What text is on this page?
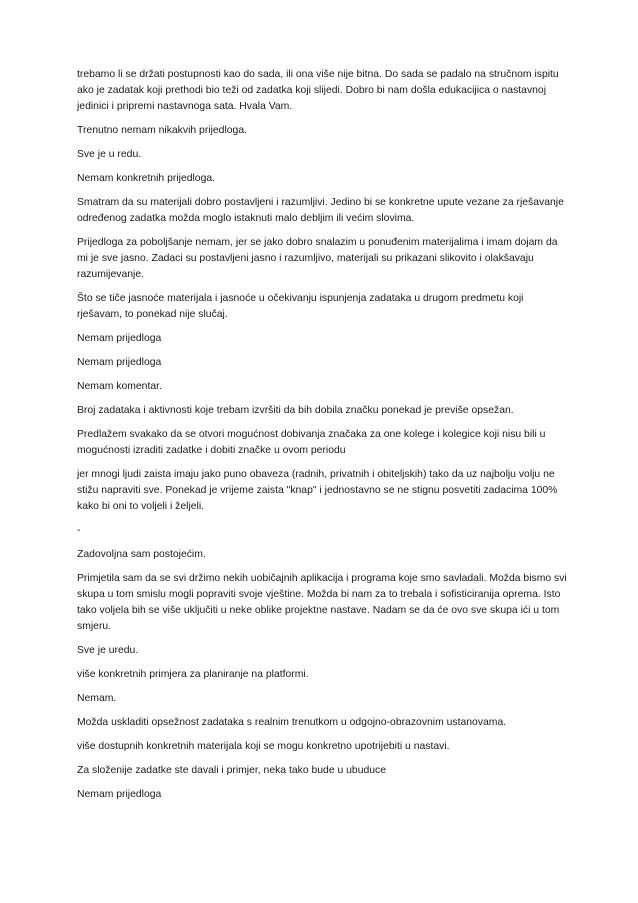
trebamo li se držati postupnosti kao do sada, ili ona više nije bitna. Do sada se padalo na stručnom ispitu ako je zadatak koji prethodi bio teži od zadatka koji slijedi. Dobro bi nam došla edukacijica o nastavnoj jedinici i pripremi nastavnoga sata. Hvala Vam.

Trenutno nemam nikakvih prijedloga.

Sve je u redu.

Nemam konkretnih prijedloga.

Smatram da su materijali dobro postavljeni i razumljivi. Jedino bi se konkretne upute vezane za rješavanje određenog zadatka možda moglo istaknuti malo debljim ili većim slovima.

Prijedloga za poboljšanje nemam, jer se jako dobro snalazim u ponuđenim materijalima i imam dojam da mi je sve jasno. Zadaci su postavljeni jasno i razumljivo, materijali su prikazani slikovito i olakšavaju razumijevanje.

Što se tiče jasnoće materijala i jasnoće u očekivanju ispunjenja zadataka u drugom predmetu koji rješavam, to ponekad nije slučaj.

Nemam prijedloga

Nemam prijedloga

Nemam komentar.

Broj zadataka i aktivnosti koje trebam izvršiti da bih dobila značku ponekad je previše opsežan.

Predlažem svakako da se otvori mogućnost dobivanja značaka za one kolege i kolegice koji nisu bili u mogućnosti izraditi zadatke i dobiti značke u ovom periodu

jer mnogi ljudi zaista imaju jako puno obaveza (radnih, privatnih i obiteljskih) tako da uz najbolju volju ne stižu napraviti sve. Ponekad je vrijeme zaista "knap" i jednostavno se ne stignu posvetiti zadacima 100% kako bi oni to voljeli i željeli.

-

Zadovoljna sam postojećim.

Primjetila sam da se svi držimo nekih uobičajnih aplikacija i programa koje smo savladali. Možda bismo svi skupa u tom smislu mogli popraviti svoje vještine. Možda bi nam za to trebala i sofisticiranija oprema. Isto tako voljela bih se više uključiti u neke oblike projektne nastave. Nadam se da će ovo sve skupa ići u tom smjeru.

Sve je uredu.

više konkretnih primjera za planiranje na platformi.

Nemam.

Možda uskladiti opsežnost zadataka s realnim trenutkom u odgojno-obrazovnim ustanovama.

više dostupnih konkretnih materijala koji se mogu konkretno upotrijebiti u nastavi.

Za složenije zadatke ste davali i primjer, neka tako bude u ubuduce

Nemam prijedloga
